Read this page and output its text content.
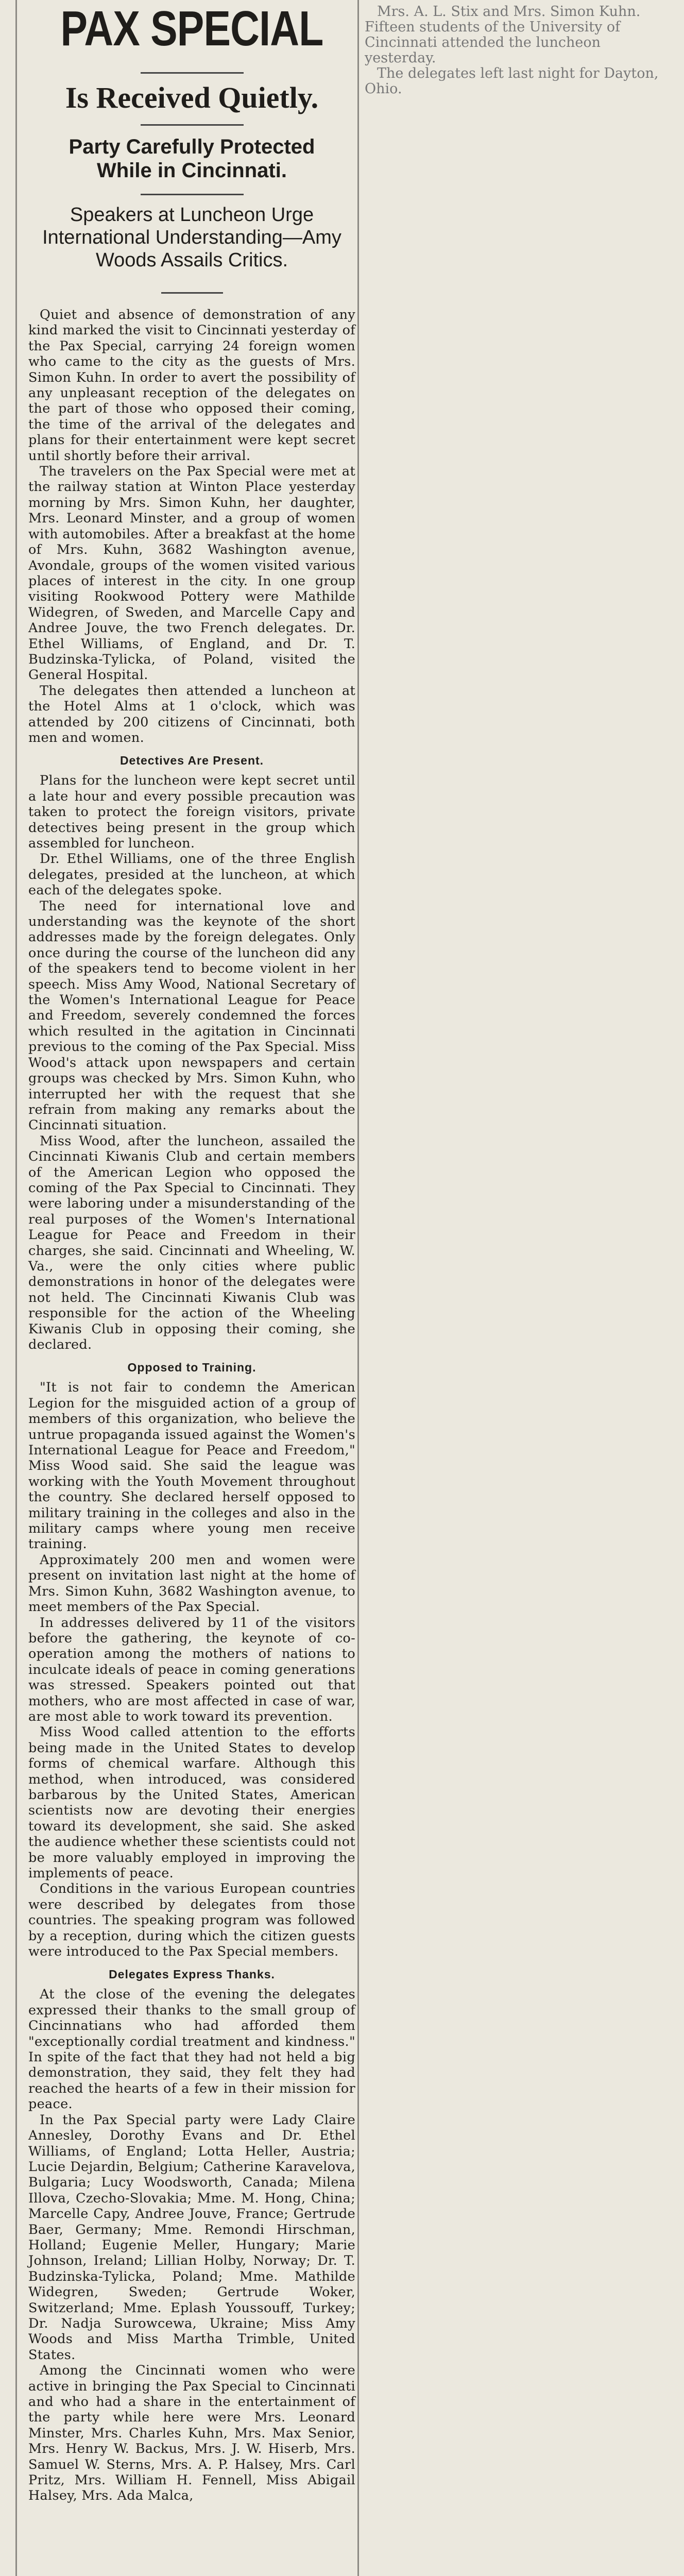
PAX SPECIAL
Is Received Quietly.
Party Carefully Protected While in Cincinnati.
Speakers at Luncheon Urge International Understanding—Amy Woods Assails Critics.

Quiet and absence of demonstration of any kind marked the visit to Cincinnati yesterday of the Pax Special, carrying 24 foreign women who came to the city as the guests of Mrs. Simon Kuhn. In order to avert the possibility of any unpleasant reception of the delegates on the part of those who opposed their coming, the time of the arrival of the delegates and plans for their entertainment were kept secret until shortly before their arrival.

The travelers on the Pax Special were met at the railway station at Winton Place yesterday morning by Mrs. Simon Kuhn, her daughter, Mrs. Leonard Minster, and a group of women with automobiles. After a breakfast at the home of Mrs. Kuhn, 3682 Washington avenue, Avondale, groups of the women visited various places of interest in the city. In one group visiting Rookwood Pottery were Mathilde Widegren, of Sweden, and Marcelle Capy and Andree Jouve, the two French delegates. Dr. Ethel Williams, of England, and Dr. T. Budzinska-Tylicka, of Poland, visited the General Hospital.

The delegates then attended a luncheon at the Hotel Alms at 1 o'clock, which was attended by 200 citizens of Cincinnati, both men and women.

Detectives Are Present.

Plans for the luncheon were kept secret until a late hour and every possible precaution was taken to protect the foreign visitors, private detectives being present in the group which assembled for luncheon.

Dr. Ethel Williams, one of the three English delegates, presided at the luncheon, at which each of the delegates spoke.

The need for international love and understanding was the keynote of the short addresses made by the foreign delegates. Only once during the course of the luncheon did any of the speakers tend to become violent in her speech. Miss Amy Wood, National Secretary of the Women's International League for Peace and Freedom, severely condemned the forces which resulted in the agitation in Cincinnati previous to the coming of the Pax Special. Miss Wood's attack upon newspapers and certain groups was checked by Mrs. Simon Kuhn, who interrupted her with the request that she refrain from making any remarks about the Cincinnati situation.

Miss Wood, after the luncheon, assailed the Cincinnati Kiwanis Club and certain members of the American Legion who opposed the coming of the Pax Special to Cincinnati. They were laboring under a misunderstanding of the real purposes of the Women's International League for Peace and Freedom in their charges, she said. Cincinnati and Wheeling, W. Va., were the only cities where public demonstrations in honor of the delegates were not held. The Cincinnati Kiwanis Club was responsible for the action of the Wheeling Kiwanis Club in opposing their coming, she declared.

Opposed to Training.

"It is not fair to condemn the American Legion for the misguided action of a group of members of this organization, who believe the untrue propaganda issued against the Women's International League for Peace and Freedom," Miss Wood said. She said the league was working with the Youth Movement throughout the country. She declared herself opposed to military training in the colleges and also in the military camps where young men receive training.

Approximately 200 men and women were present on invitation last night at the home of Mrs. Simon Kuhn, 3682 Washington avenue, to meet members of the Pax Special.

In addresses delivered by 11 of the visitors before the gathering, the keynote of co-operation among the mothers of nations to inculcate ideals of peace in coming generations was stressed. Speakers pointed out that mothers, who are most affected in case of war, are most able to work toward its prevention.

Miss Wood called attention to the efforts being made in the United States to develop forms of chemical warfare. Although this method, when introduced, was considered barbarous by the United States, American scientists now are devoting their energies toward its development, she said. She asked the audience whether these scientists could not be more valuably employed in improving the implements of peace.

Conditions in the various European countries were described by delegates from those countries. The speaking program was followed by a reception, during which the citizen guests were introduced to the Pax Special members.

Delegates Express Thanks.

At the close of the evening the delegates expressed their thanks to the small group of Cincinnatians who had afforded them "exceptionally cordial treatment and kindness." In spite of the fact that they had not held a big demonstration, they said, they felt they had reached the hearts of a few in their mission for peace.

In the Pax Special party were Lady Claire Annesley, Dorothy Evans and Dr. Ethel Williams, of England; Lotta Heller, Austria; Lucie Dejardin, Belgium; Catherine Karavelova, Bulgaria; Lucy Woodsworth, Canada; Milena Illova, Czecho-Slovakia; Mme. M. Hong, China; Marcelle Capy, Andree Jouve, France; Gertrude Baer, Germany; Mme. Remondi Hirschman, Holland; Eugenie Meller, Hungary; Marie Johnson, Ireland; Lillian Holby, Norway; Dr. T. Budzinska-Tylicka, Poland; Mme. Mathilde Widegren, Sweden; Gertrude Woker, Switzerland; Mme. Eplash Youssouff, Turkey; Dr. Nadja Surowcewa, Ukraine; Miss Amy Woods and Miss Martha Trimble, United States.

Among the Cincinnati women who were active in bringing the Pax Special to Cincinnati and who had a share in the entertainment of the party while here were Mrs. Leonard Minster, Mrs. Charles Kuhn, Mrs. Max Senior, Mrs. Henry W. Backus, Mrs. J. W. Hiserb, Mrs. Samuel W. Sterns, Mrs. A. P. Halsey, Mrs. Carl Pritz, Mrs. William H. Fennell, Miss Abigail Halsey, Mrs. Ada Malca,

Mrs. A. L. Stix and Mrs. Simon Kuhn. Fifteen students of the University of Cincinnati attended the luncheon yesterday.

The delegates left last night for Dayton, Ohio.
